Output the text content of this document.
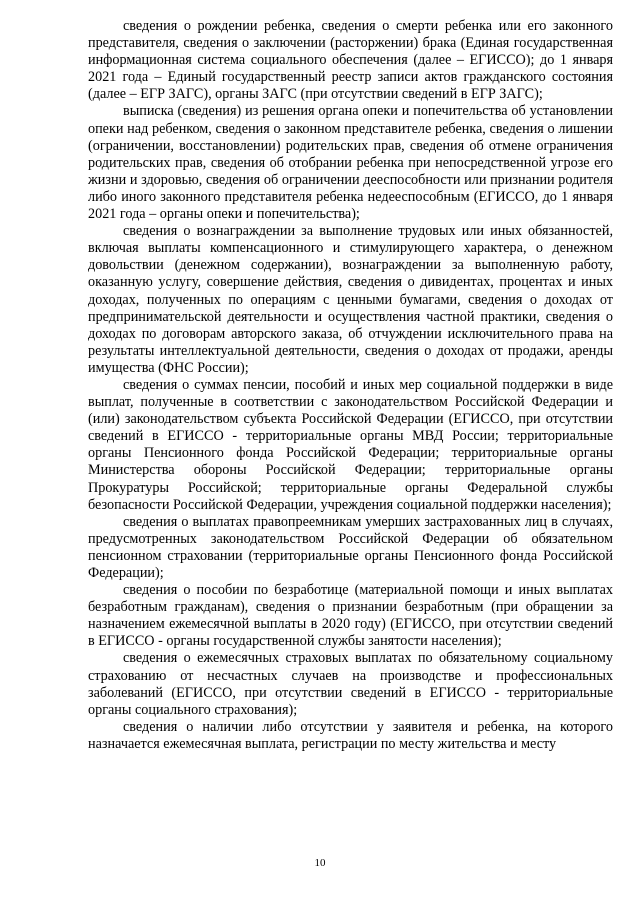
сведения о рождении ребенка, сведения о смерти ребенка или его законного представителя, сведения о заключении (расторжении) брака (Единая государственная информационная система социального обеспечения (далее – ЕГИССО); до 1 января 2021 года – Единый государственный реестр записи актов гражданского состояния (далее – ЕГР ЗАГС), органы ЗАГС (при отсутствии сведений в ЕГР ЗАГС);

выписка (сведения) из решения органа опеки и попечительства об установлении опеки над ребенком, сведения о законном представителе ребенка, сведения о лишении (ограничении, восстановлении) родительских прав, сведения об отмене ограничения родительских прав, сведения об отобрании ребенка при непосредственной угрозе его жизни и здоровью, сведения об ограничении дееспособности или признании родителя либо иного законного представителя ребенка недееспособным (ЕГИССО, до 1 января 2021 года – органы опеки и попечительства);

сведения о вознаграждении за выполнение трудовых или иных обязанностей, включая выплаты компенсационного и стимулирующего характера, о денежном довольствии (денежном содержании), вознаграждении за выполненную работу, оказанную услугу, совершение действия, сведения о дивидентах, процентах и иных доходах, полученных по операциям с ценными бумагами, сведения о доходах от предпринимательской деятельности и осуществления частной практики, сведения о доходах по договорам авторского заказа, об отчуждении исключительного права на результаты интеллектуальной деятельности, сведения о доходах от продажи, аренды имущества (ФНС России);

сведения о суммах пенсии, пособий и иных мер социальной поддержки в виде выплат, полученные в соответствии с законодательством Российской Федерации и (или) законодательством субъекта Российской Федерации (ЕГИССО, при отсутствии сведений в ЕГИССО - территориальные органы МВД России; территориальные органы Пенсионного фонда Российской Федерации; территориальные органы Министерства обороны Российской Федерации; территориальные органы Прокуратуры Российской; территориальные органы Федеральной службы безопасности Российской Федерации, учреждения социальной поддержки населения);

сведения о выплатах правопреемникам умерших застрахованных лиц в случаях, предусмотренных законодательством Российской Федерации об обязательном пенсионном страховании (территориальные органы Пенсионного фонда Российской Федерации);

сведения о пособии по безработице (материальной помощи и иных выплатах безработным гражданам), сведения о признании безработным (при обращении за назначением ежемесячной выплаты в 2020 году) (ЕГИССО, при отсутствии сведений в ЕГИССО - органы государственной службы занятости населения);

сведения о ежемесячных страховых выплатах по обязательному социальному страхованию от несчастных случаев на производстве и профессиональных заболеваний (ЕГИССО, при отсутствии сведений в ЕГИССО - территориальные органы социального страхования);

сведения о наличии либо отсутствии у заявителя и ребенка, на которого назначается ежемесячная выплата, регистрации по месту жительства и месту

10
